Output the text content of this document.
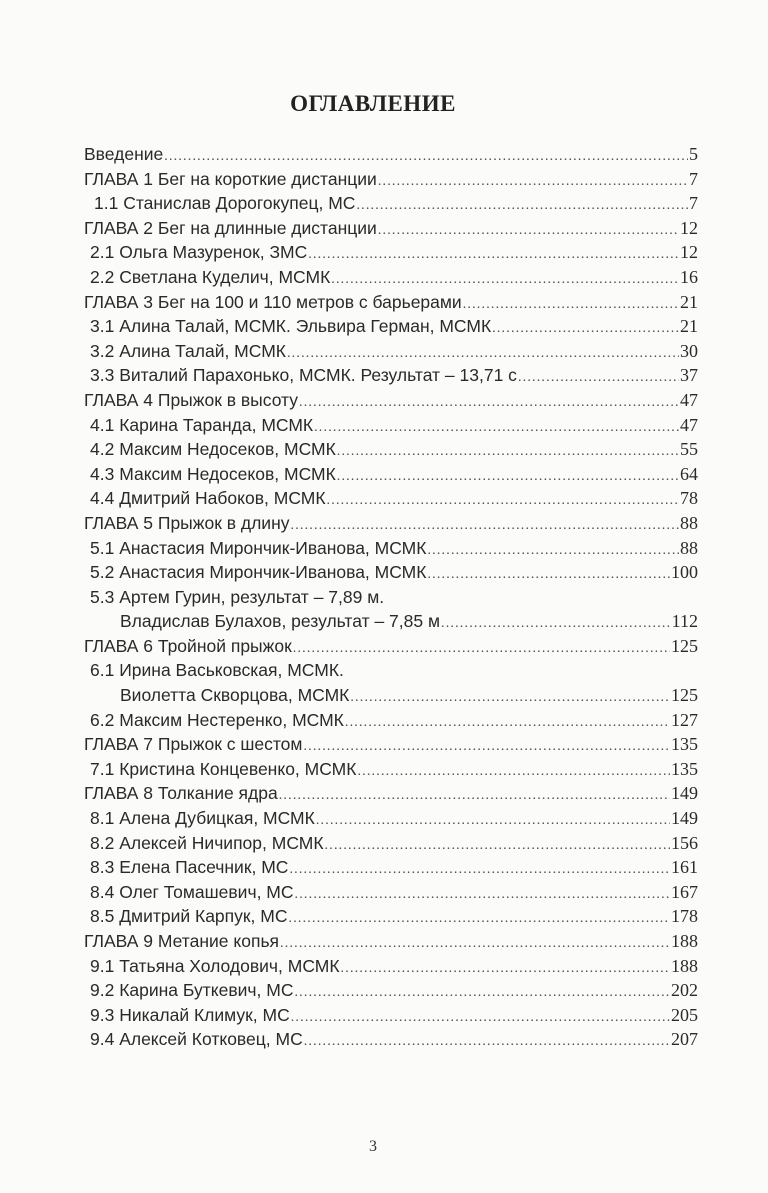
ОГЛАВЛЕНИЕ
Введение .....	5
ГЛАВА 1 Бег на короткие дистанции .....	7
1.1 Станислав Дорогокупец, МС .....	7
ГЛАВА 2 Бег на длинные дистанции .....	12
2.1 Ольга Мазуренок, ЗМС .....	12
2.2 Светлана Куделич, МСМК .....	16
ГЛАВА 3 Бег на 100 и 110 метров с барьерами .....	21
3.1 Алина Талай, МСМК. Эльвира Герман, МСМК .....	21
3.2 Алина Талай, МСМК .....	30
3.3 Виталий Парахонько, МСМК. Результат – 13,71 с .....	37
ГЛАВА 4 Прыжок в высоту .....	47
4.1 Карина Таранда, МСМК .....	47
4.2 Максим Недосеков, МСМК .....	55
4.3 Максим Недосеков, МСМК .....	64
4.4 Дмитрий Набоков, МСМК .....	78
ГЛАВА 5 Прыжок в длину .....	88
5.1 Анастасия Мирончик-Иванова, МСМК .....	88
5.2 Анастасия Мирончик-Иванова, МСМК .....	100
5.3 Артем Гурин, результат – 7,89 м.
Владислав Булахов, результат – 7,85 м .....	112
ГЛАВА 6 Тройной прыжок .....	125
6.1 Ирина Васьковская, МСМК.
Виолетта Скворцова, МСМК .....	125
6.2 Максим Нестеренко, МСМК .....	127
ГЛАВА 7 Прыжок с шестом .....	135
7.1 Кристина Концевенко, МСМК .....	135
ГЛАВА 8 Толкание ядра .....	149
8.1 Алена Дубицкая, МСМК .....	149
8.2 Алексей Ничипор, МСМК .....	156
8.3 Елена Пасечник, МС .....	161
8.4 Олег Томашевич, МС .....	167
8.5 Дмитрий Карпук, МС .....	178
ГЛАВА 9 Метание копья .....	188
9.1 Татьяна Холодович, МСМК .....	188
9.2 Карина Буткевич, МС .....	202
9.3 Никалай Климук, МС .....	205
9.4 Алексей Котковец, МС .....	207
3
